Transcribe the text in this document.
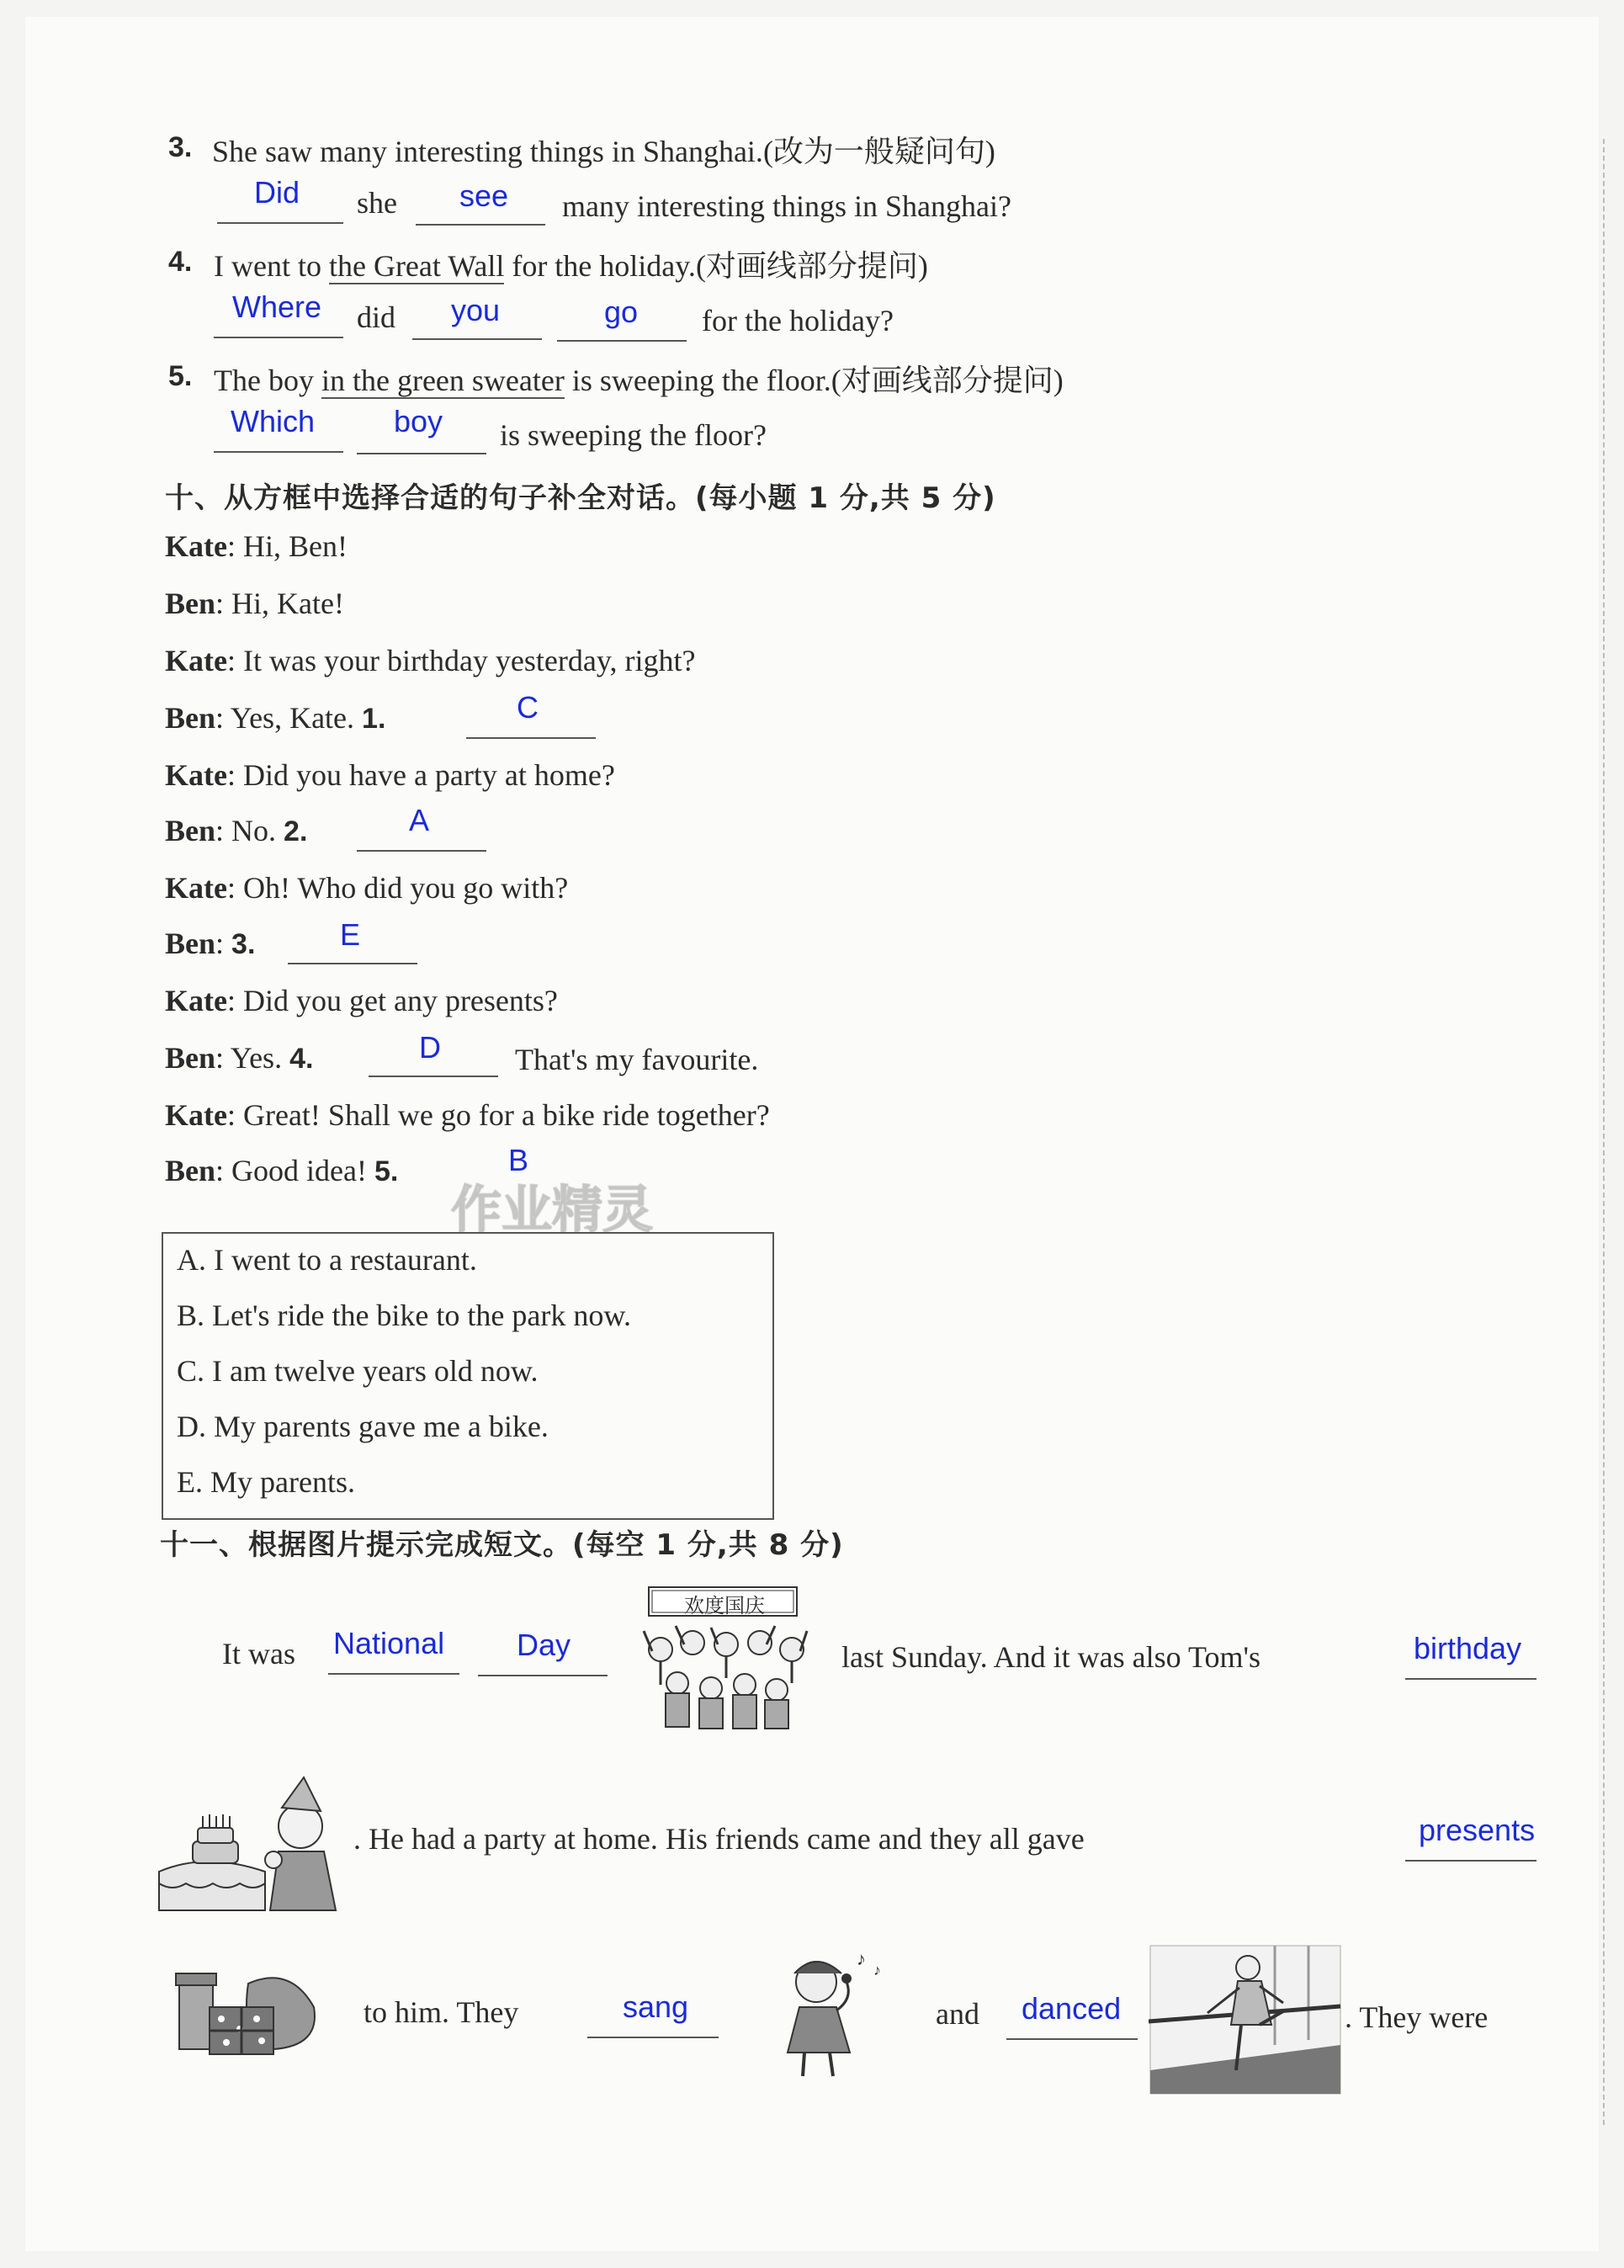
3. She saw many interesting things in Shanghai.(改为一般疑问句)
Did she see many interesting things in Shanghai?
4. I went to the Great Wall for the holiday.(对画线部分提问)
Where did you	go for the holiday?
5. The boy in the green sweater is sweeping the floor.(对画线部分提问)
Which	boy is sweeping the floor?
十、从方框中选择合适的句子补全对话。(每小题 1 分,共 5 分)
Kate: Hi, Ben!
Ben: Hi, Kate!
Kate: It was your birthday yesterday, right?
Ben: Yes, Kate. 1.	C
Kate: Did you have a party at home?
Ben: No. 2.	A
Kate: Oh! Who did you go with?
Ben: 3.	E
Kate: Did you get any presents?
Ben: Yes. 4.	D That's my favourite.
Kate: Great! Shall we go for a bike ride together?
Ben: Good idea! 5.	B
作业精灵
A. I went to a restaurant.
B. Let's ride the bike to the park now.
C. I am twelve years old now.
D. My parents gave me a bike.
E. My parents.
十一、根据图片提示完成短文。(每空 1 分,共 8 分)
It was National Day
欢度国庆
last Sunday. And it was also Tom's	birthday
. He had a party at home. His friends came and they all gave	presents
to him. They	sang
♪
♪
and danced	. They were
